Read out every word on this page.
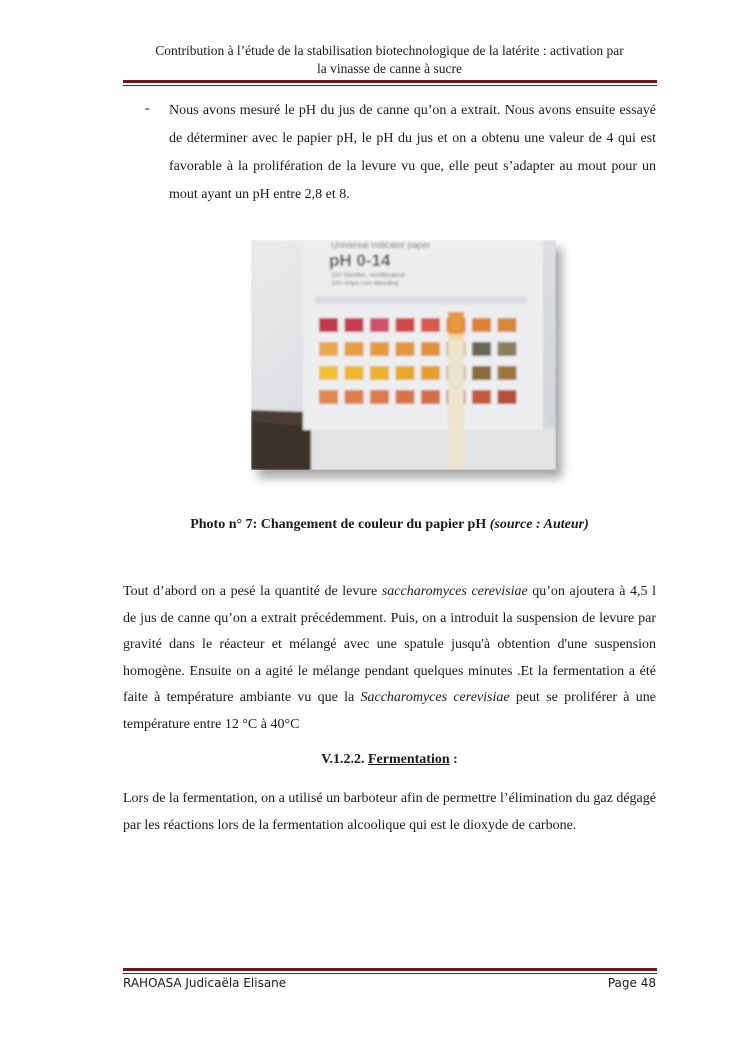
Contribution à l’étude de la stabilisation biotechnologique de la latérite : activation par
la vinasse de canne à sucre
- Nous avons mesuré le pH du jus de canne qu’on a extrait. Nous avons ensuite essayé de déterminer avec le papier pH, le pH du jus et on a obtenu une valeur de 4 qui est favorable à la prolifération de la levure vu que, elle peut s’adapter au mout pour un mout ayant un pH entre 2,8 et 8.
Universal indicator paper
pH 0-14
100 Streifen, nichtblutend
100 strips,non-bleeding
Photo n° 7: Changement de couleur du papier pH (source : Auteur)
Tout d’abord on a pesé la quantité de levure saccharomyces cerevisiae qu’on ajoutera à 4,5 l de jus de canne qu’on a extrait précédemment. Puis, on a introduit la suspension de levure par gravité dans le réacteur et mélangé avec une spatule jusqu'à obtention d'une suspension homogène. Ensuite on a agité le mélange pendant quelques minutes .Et la fermentation a été faite à température ambiante vu que la Saccharomyces cerevisiae peut se proliférer à une température entre 12 °C à 40°C
V.1.2.2. Fermentation :
Lors de la fermentation, on a utilisé un barboteur afin de permettre l’élimination du gaz dégagé par les réactions lors de la fermentation alcoolique qui est le dioxyde de carbone.
RAHOASA Judicaëla Elisane	Page 48
